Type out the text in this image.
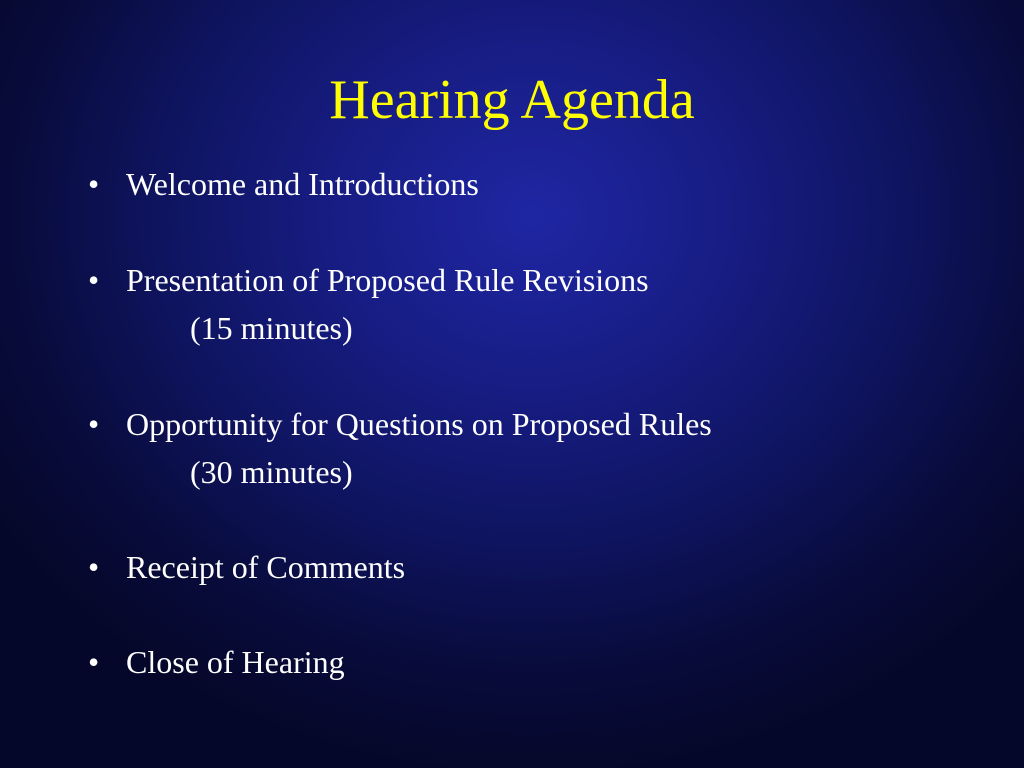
Hearing Agenda
• Welcome and Introductions
• Presentation of Proposed Rule Revisions
(15 minutes)
• Opportunity for Questions on Proposed Rules
(30 minutes)
• Receipt of Comments
• Close of Hearing
